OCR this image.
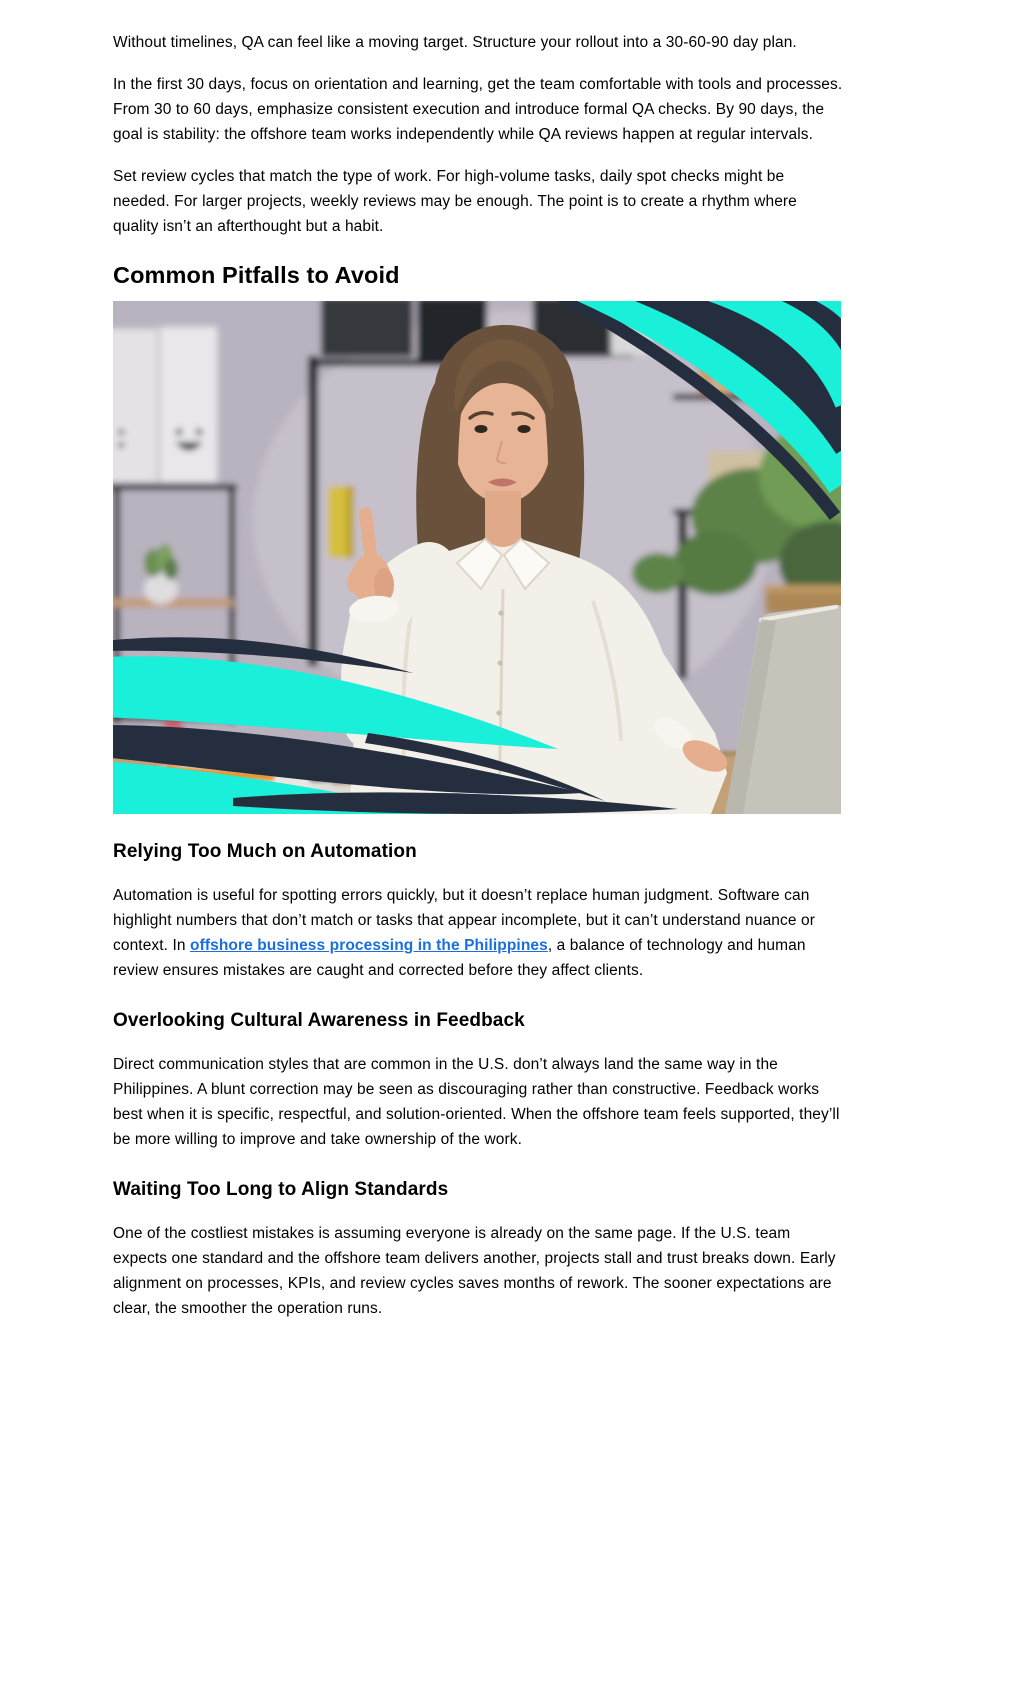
Without timelines, QA can feel like a moving target. Structure your rollout into a 30-60-90 day plan.

In the first 30 days, focus on orientation and learning, get the team comfortable with tools and processes. From 30 to 60 days, emphasize consistent execution and introduce formal QA checks. By 90 days, the goal is stability: the offshore team works independently while QA reviews happen at regular intervals.

Set review cycles that match the type of work. For high-volume tasks, daily spot checks might be needed. For larger projects, weekly reviews may be enough. The point is to create a rhythm where quality isn’t an afterthought but a habit.

Common Pitfalls to Avoid
Relying Too Much on Automation

Automation is useful for spotting errors quickly, but it doesn’t replace human judgment. Software can highlight numbers that don’t match or tasks that appear incomplete, but it can’t understand nuance or context. In offshore business processing in the Philippines, a balance of technology and human review ensures mistakes are caught and corrected before they affect clients.

Overlooking Cultural Awareness in Feedback

Direct communication styles that are common in the U.S. don’t always land the same way in the Philippines. A blunt correction may be seen as discouraging rather than constructive. Feedback works best when it is specific, respectful, and solution-oriented. When the offshore team feels supported, they’ll be more willing to improve and take ownership of the work.

Waiting Too Long to Align Standards

One of the costliest mistakes is assuming everyone is already on the same page. If the U.S. team expects one standard and the offshore team delivers another, projects stall and trust breaks down. Early alignment on processes, KPIs, and review cycles saves months of rework. The sooner expectations are clear, the smoother the operation runs.
